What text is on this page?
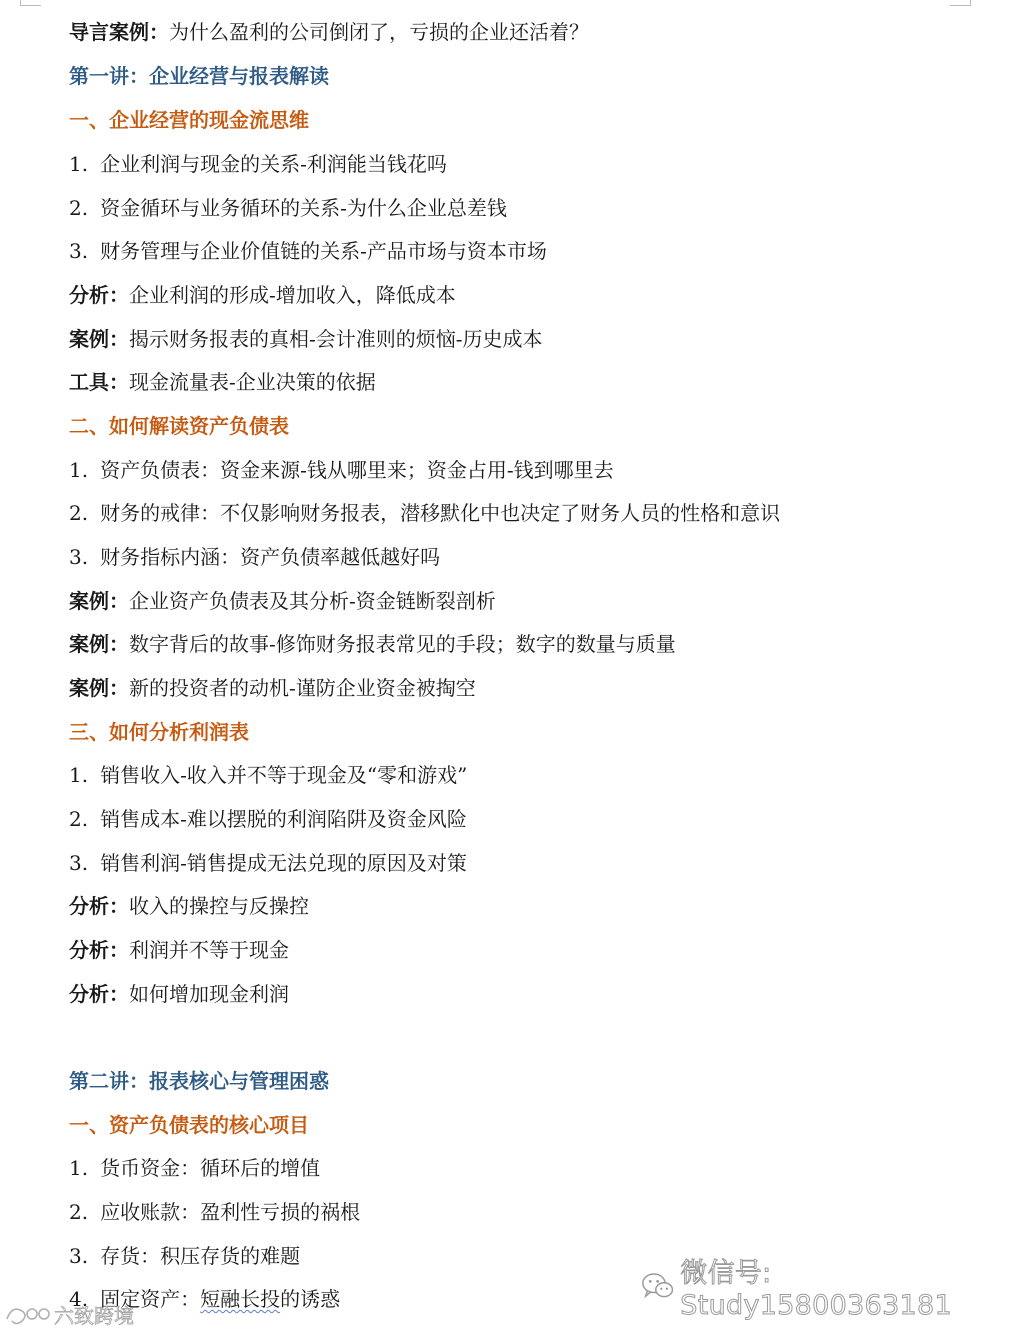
导言案例：为什么盈利的公司倒闭了，亏损的企业还活着？
第一讲：企业经营与报表解读
一、企业经营的现金流思维
1. 企业利润与现金的关系-利润能当钱花吗
2. 资金循环与业务循环的关系-为什么企业总差钱
3. 财务管理与企业价值链的关系-产品市场与资本市场
分析：企业利润的形成-增加收入，降低成本
案例：揭示财务报表的真相-会计准则的烦恼-历史成本
工具：现金流量表-企业决策的依据
二、如何解读资产负债表
1. 资产负债表：资金来源-钱从哪里来；资金占用-钱到哪里去
2. 财务的戒律：不仅影响财务报表，潜移默化中也决定了财务人员的性格和意识
3. 财务指标内涵：资产负债率越低越好吗
案例：企业资产负债表及其分析-资金链断裂剖析
案例：数字背后的故事-修饰财务报表常见的手段；数字的数量与质量
案例：新的投资者的动机-谨防企业资金被掏空
三、如何分析利润表
1. 销售收入-收入并不等于现金及“零和游戏”
2. 销售成本-难以摆脱的利润陷阱及资金风险
3. 销售利润-销售提成无法兑现的原因及对策
分析：收入的操控与反操控
分析：利润并不等于现金
分析：如何增加现金利润
第二讲：报表核心与管理困惑
一、资产负债表的核心项目
1. 货币资金：循环后的增值
2. 应收账款：盈利性亏损的祸根
3. 存货：积压存货的难题
4. 固定资产：短融长投的诱惑
微信号: Study15800363181
六致跨境
